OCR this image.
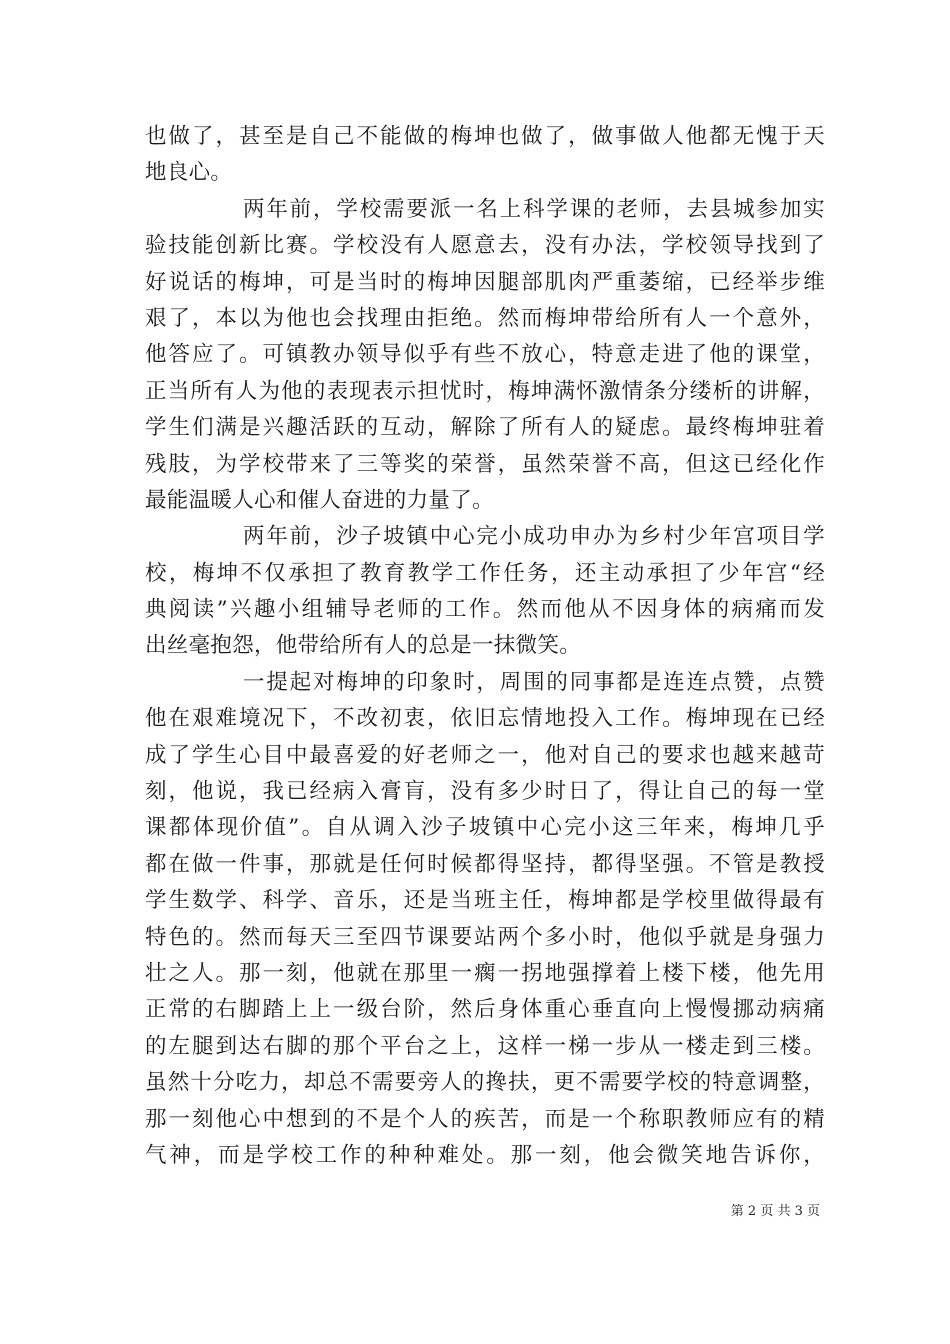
也做了，甚至是自己不能做的梅坤也做了，做事做人他都无愧于天
地良心。
两年前，学校需要派一名上科学课的老师，去县城参加实
验技能创新比赛。学校没有人愿意去，没有办法，学校领导找到了
好说话的梅坤，可是当时的梅坤因腿部肌肉严重萎缩，已经举步维
艰了，本以为他也会找理由拒绝。然而梅坤带给所有人一个意外，
他答应了。可镇教办领导似乎有些不放心，特意走进了他的课堂，
正当所有人为他的表现表示担忧时，梅坤满怀激情条分缕析的讲解，
学生们满是兴趣活跃的互动，解除了所有人的疑虑。最终梅坤驻着
残肢，为学校带来了三等奖的荣誉，虽然荣誉不高，但这已经化作
最能温暖人心和催人奋进的力量了。
两年前，沙子坡镇中心完小成功申办为乡村少年宫项目学
校，梅坤不仅承担了教育教学工作任务，还主动承担了少年宫“经
典阅读”兴趣小组辅导老师的工作。然而他从不因身体的病痛而发
出丝毫抱怨，他带给所有人的总是一抹微笑。
一提起对梅坤的印象时，周围的同事都是连连点赞，点赞
他在艰难境况下，不改初衷，依旧忘情地投入工作。梅坤现在已经
成了学生心目中最喜爱的好老师之一，他对自己的要求也越来越苛
刻，他说，我已经病入膏肓，没有多少时日了，得让自己的每一堂
课都体现价值”。自从调入沙子坡镇中心完小这三年来，梅坤几乎
都在做一件事，那就是任何时候都得坚持，都得坚强。不管是教授
学生数学、科学、音乐，还是当班主任，梅坤都是学校里做得最有
特色的。然而每天三至四节课要站两个多小时，他似乎就是身强力
壮之人。那一刻，他就在那里一瘸一拐地强撑着上楼下楼，他先用
正常的右脚踏上上一级台阶，然后身体重心垂直向上慢慢挪动病痛
的左腿到达右脚的那个平台之上，这样一梯一步从一楼走到三楼。
虽然十分吃力，却总不需要旁人的搀扶，更不需要学校的特意调整，
那一刻他心中想到的不是个人的疾苦，而是一个称职教师应有的精
气神，而是学校工作的种种难处。那一刻，他会微笑地告诉你，
第 2 页 共 3 页
